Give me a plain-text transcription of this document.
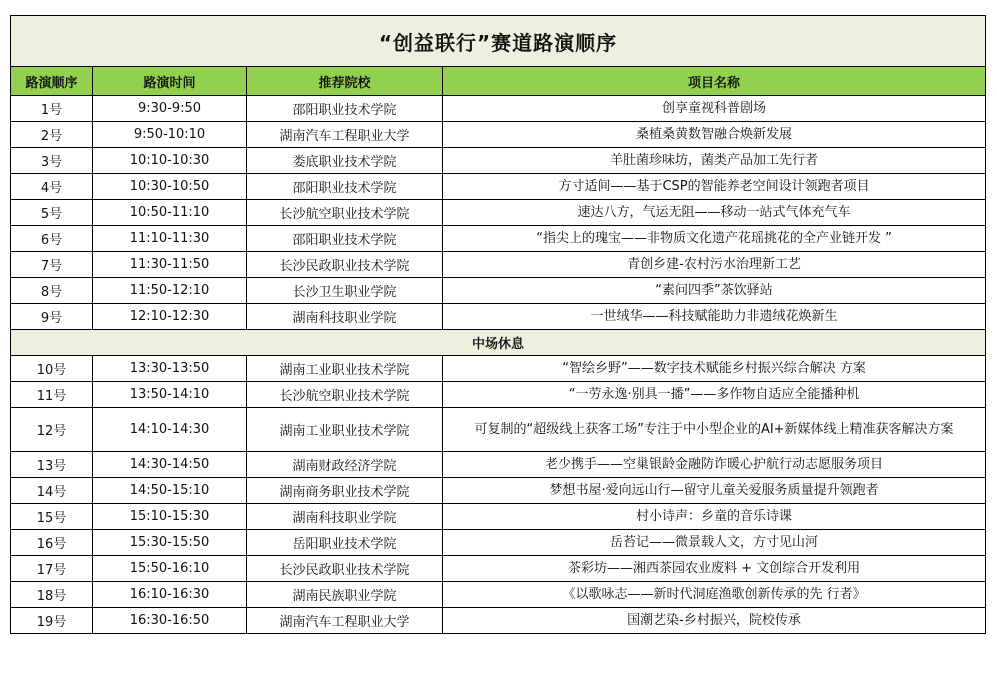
“创益联行”赛道路演顺序			
路演顺序	路演时间	推荐院校	项目名称
1号	9:30-9:50	邵阳职业技术学院	创享童视科普剧场
2号	9:50-10:10	湖南汽车工程职业大学	桑植桑黄数智融合焕新发展
3号	10:10-10:30	娄底职业技术学院	羊肚菌珍味坊，菌类产品加工先行者
4号	10:30-10:50	邵阳职业技术学院	方寸适间——基于CSP的智能养老空间设计领跑者项目
5号	10:50-11:10	长沙航空职业技术学院	速达八方，气运无阻——移动一站式气体充气车
6号	11:10-11:30	邵阳职业技术学院	“指尖上的瑰宝——非物质文化遗产花瑶挑花的全产业链开发 ”
7号	11:30-11:50	长沙民政职业技术学院	青创乡建-农村污水治理新工艺
8号	11:50-12:10	长沙卫生职业学院	“素问四季”茶饮驿站
9号	12:10-12:30	湖南科技职业学院	一世绒华——科技赋能助力非遗绒花焕新生
中场休息			
10号	13:30-13:50	湖南工业职业技术学院	“智绘乡野”——数字技术赋能乡村振兴综合解决 方案
11号	13:50-14:10	长沙航空职业技术学院	“一劳永逸·别具一播”——多作物自适应全能播种机
12号	14:10-14:30	湖南工业职业技术学院	可复制的“超级线上获客工场”专注于中小型企业的AI+新媒体线上精准获客解决方案
13号	14:30-14:50	湖南财政经济学院	老少携手——空巢银龄金融防诈暖心护航行动志愿服务项目
14号	14:50-15:10	湖南商务职业技术学院	梦想书屋·爱向远山行—留守儿童关爱服务质量提升领跑者
15号	15:10-15:30	湖南科技职业学院	村小诗声：乡童的音乐诗课
16号	15:30-15:50	岳阳职业技术学院	岳苔记——微景载人文，方寸见山河
17号	15:50-16:10	长沙民政职业技术学院	茶彩坊——湘西茶园农业废料 + 文创综合开发利用
18号	16:10-16:30	湖南民族职业学院	《以歌咏志——新时代洞庭渔歌创新传承的先 行者》
19号	16:30-16:50	湖南汽车工程职业大学	国潮艺染-乡村振兴，院校传承
